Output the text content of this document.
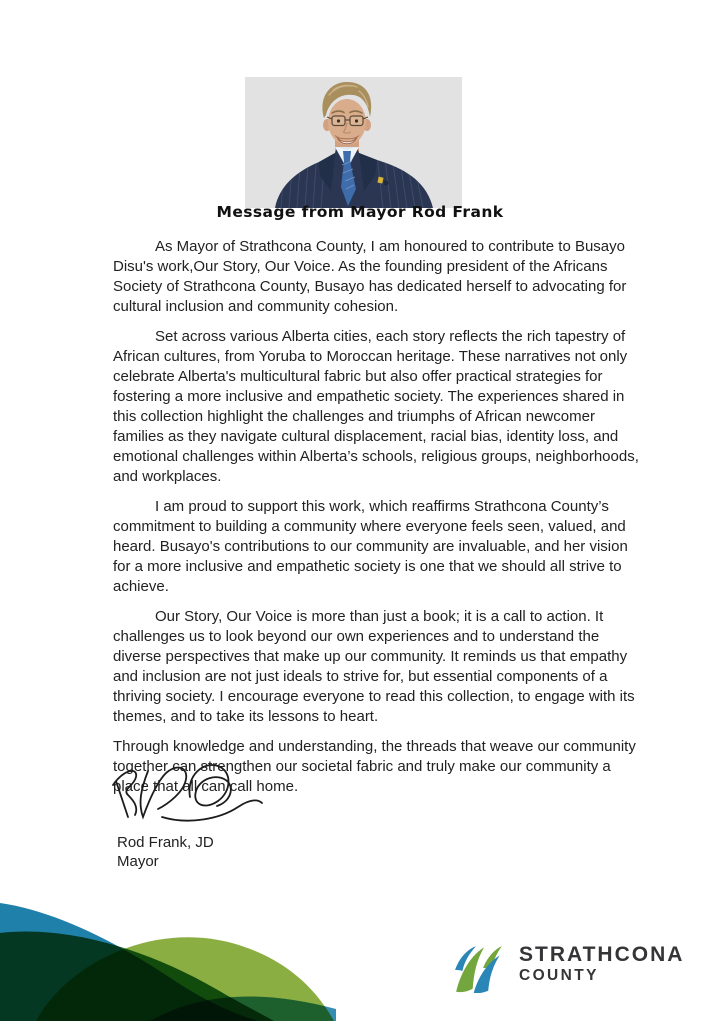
Message from Mayor Rod Frank

As Mayor of Strathcona County, I am honoured to contribute to Busayo Disu's work,Our Story, Our Voice. As the founding president of the Africans Society of Strathcona County, Busayo has dedicated herself to advocating for cultural inclusion and community cohesion.

Set across various Alberta cities, each story reflects the rich tapestry of African cultures, from Yoruba to Moroccan heritage. These narratives not only celebrate Alberta's multicultural fabric but also offer practical strategies for fostering a more inclusive and empathetic society. The experiences shared in this collection highlight the challenges and triumphs of African newcomer families as they navigate cultural displacement, racial bias, identity loss, and emotional challenges within Alberta’s schools, religious groups, neighborhoods, and workplaces.

I am proud to support this work, which reaffirms Strathcona County’s commitment to building a community where everyone feels seen, valued, and heard. Busayo's contributions to our community are invaluable, and her vision for a more inclusive and empathetic society is one that we should all strive to achieve.

Our Story, Our Voice is more than just a book; it is a call to action. It challenges us to look beyond our own experiences and to understand the diverse perspectives that make up our community. It reminds us that empathy and inclusion are not just ideals to strive for, but essential components of a thriving society. I encourage everyone to read this collection, to engage with its themes, and to take its lessons to heart.

Through knowledge and understanding, the threads that weave our community together can strengthen our societal fabric and truly make our community a place that all can call home.

Rod Frank, JD
Mayor
STRATHCONA
COUNTY
